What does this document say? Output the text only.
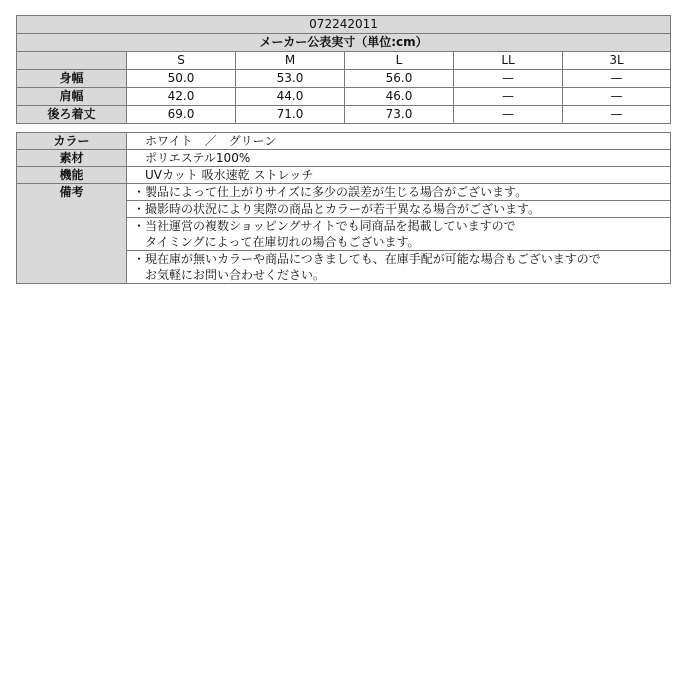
072242011					
メーカー公表実寸（単位:cm）					
	S	M	L	LL	3L
身幅	50.0	53.0	56.0	—	—
肩幅	42.0	44.0	46.0	—	—
後ろ着丈	69.0	71.0	73.0	—	—
カラー	ホワイト　／　グリーン
素材	ポリエステル100%
機能	UVカット 吸水速乾 ストレッチ
備考	・製品によって仕上がりサイズに多少の誤差が生じる場合がございます。

	・撮影時の状況により実際の商品とカラーが若干異なる場合がございます。

	・当社運営の複数ショッピングサイトでも同商品を掲載していますので
　タイミングによって在庫切れの場合もございます。

	・現在庫が無いカラーや商品につきましても、在庫手配が可能な場合もございますので
　お気軽にお問い合わせください。
